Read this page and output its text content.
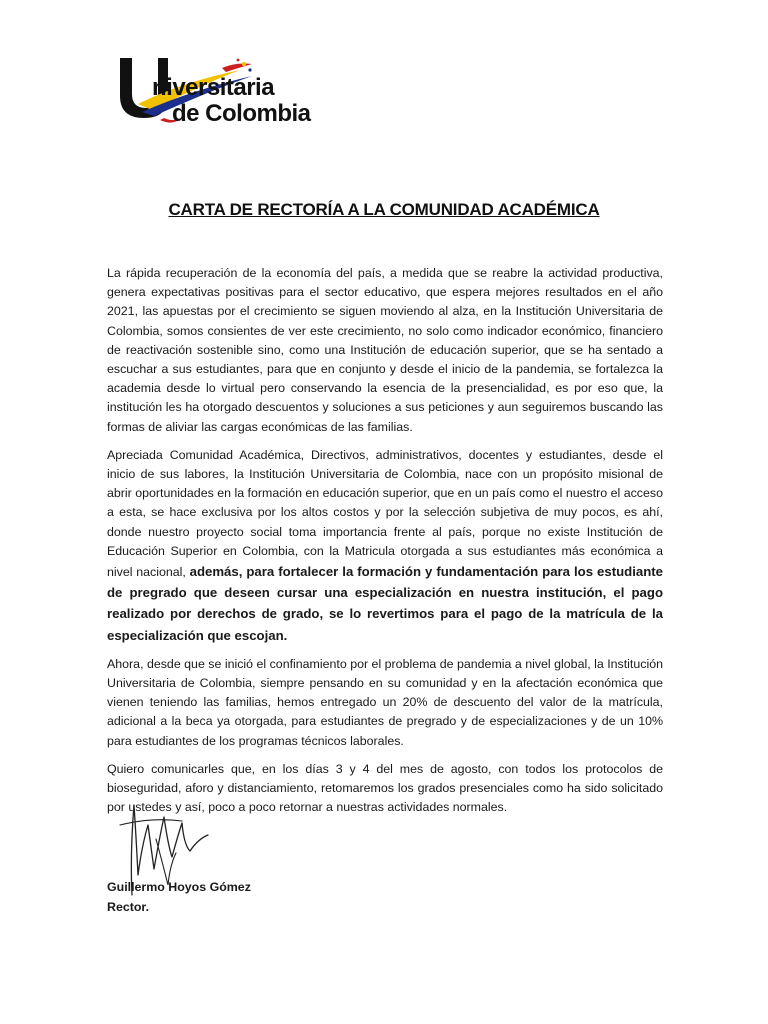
niversitaria
de Colombia
CARTA DE RECTORÍA A LA COMUNIDAD ACADÉMICA

La rápida recuperación de la economía del país, a medida que se reabre la actividad productiva, genera expectativas positivas para el sector educativo, que espera mejores resultados en el año 2021, las apuestas por el crecimiento se siguen moviendo al alza, en la Institución Universitaria de Colombia, somos consientes de ver este crecimiento, no solo como indicador económico, financiero de reactivación sostenible sino, como una Institución de educación superior, que se ha sentado a escuchar a sus estudiantes, para que en conjunto y desde el inicio de la pandemia, se fortalezca la academia desde lo virtual pero conservando la esencia de la presencialidad, es por eso que, la institución les ha otorgado descuentos y soluciones a sus peticiones y aun seguiremos buscando las formas de aliviar las cargas económicas de las familias.

Apreciada Comunidad Académica, Directivos, administrativos, docentes y estudiantes, desde el inicio de sus labores, la Institución Universitaria de Colombia, nace con un propósito misional de abrir oportunidades en la formación en educación superior, que en un país como el nuestro el acceso a esta, se hace exclusiva por los altos costos y por la selección subjetiva de muy pocos, es ahí, donde nuestro proyecto social toma importancia frente al país, porque no existe Institución de Educación Superior en Colombia, con la Matricula otorgada a sus estudiantes más económica a nivel nacional, además, para fortalecer la formación y fundamentación para los estudiante de pregrado que deseen cursar una especialización en nuestra institución, el pago realizado por derechos de grado, se lo revertimos para el pago de la matrícula de la especialización que escojan.

Ahora, desde que se inició el confinamiento por el problema de pandemia a nivel global, la Institución Universitaria de Colombia, siempre pensando en su comunidad y en la afectación económica que vienen teniendo las familias, hemos entregado un 20% de descuento del valor de la matrícula, adicional a la beca ya otorgada, para estudiantes de pregrado y de especializaciones y de un 10% para estudiantes de los programas técnicos laborales.

Quiero comunicarles que, en los días 3 y 4 del mes de agosto, con todos los protocolos de bioseguridad, aforo y distanciamiento, retomaremos los grados presenciales como ha sido solicitado por ustedes y así, poco a poco retornar a nuestras actividades normales.

Guillermo Hoyos Gómez
Rector.
